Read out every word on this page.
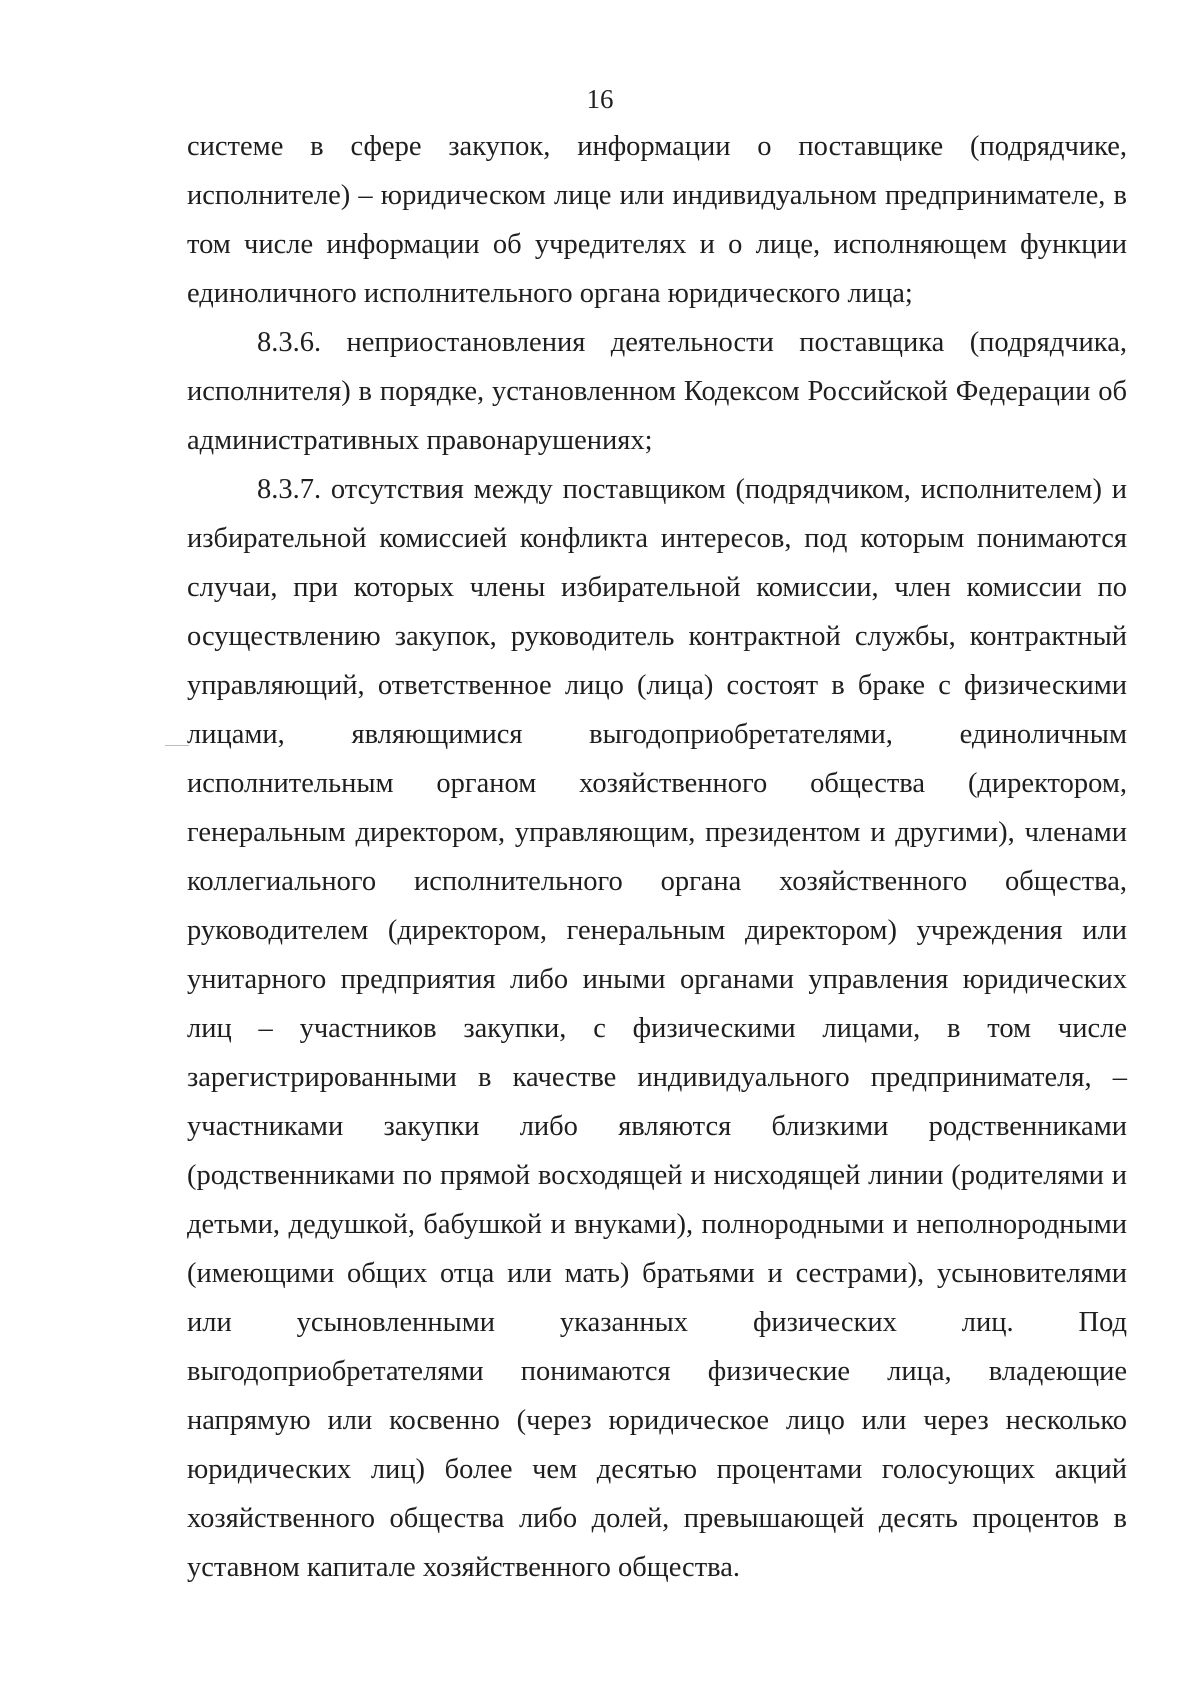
16

системе в сфере закупок, информации о поставщике (подрядчике, исполнителе) – юридическом лице или индивидуальном предпринимателе, в том числе информации об учредителях и о лице, исполняющем функции единоличного исполнительного органа юридического лица;

8.3.6. неприостановления деятельности поставщика (подрядчика, исполнителя) в порядке, установленном Кодексом Российской Федерации об административных правонарушениях;

8.3.7. отсутствия между поставщиком (подрядчиком, исполнителем) и избирательной комиссией конфликта интересов, под которым понимаются случаи, при которых члены избирательной комиссии, член комиссии по осуществлению закупок, руководитель контрактной службы, контрактный управляющий, ответственное лицо (лица) состоят в браке с физическими лицами, являющимися выгодоприобретателями, единоличным исполнительным органом хозяйственного общества (директором, генеральным директором, управляющим, президентом и другими), членами коллегиального исполнительного органа хозяйственного общества, руководителем (директором, генеральным директором) учреждения или унитарного предприятия либо иными органами управления юридических лиц – участников закупки, с физическими лицами, в том числе зарегистрированными в качестве индивидуального предпринимателя, – участниками закупки либо являются близкими родственниками (родственниками по прямой восходящей и нисходящей линии (родителями и детьми, дедушкой, бабушкой и внуками), полнородными и неполнородными (имеющими общих отца или мать) братьями и сестрами), усыновителями или усыновленными указанных физических лиц. Под выгодоприобретателями понимаются физические лица, владеющие напрямую или косвенно (через юридическое лицо или через несколько юридических лиц) более чем десятью процентами голосующих акций хозяйственного общества либо долей, превышающей десять процентов в уставном капитале хозяйственного общества.
